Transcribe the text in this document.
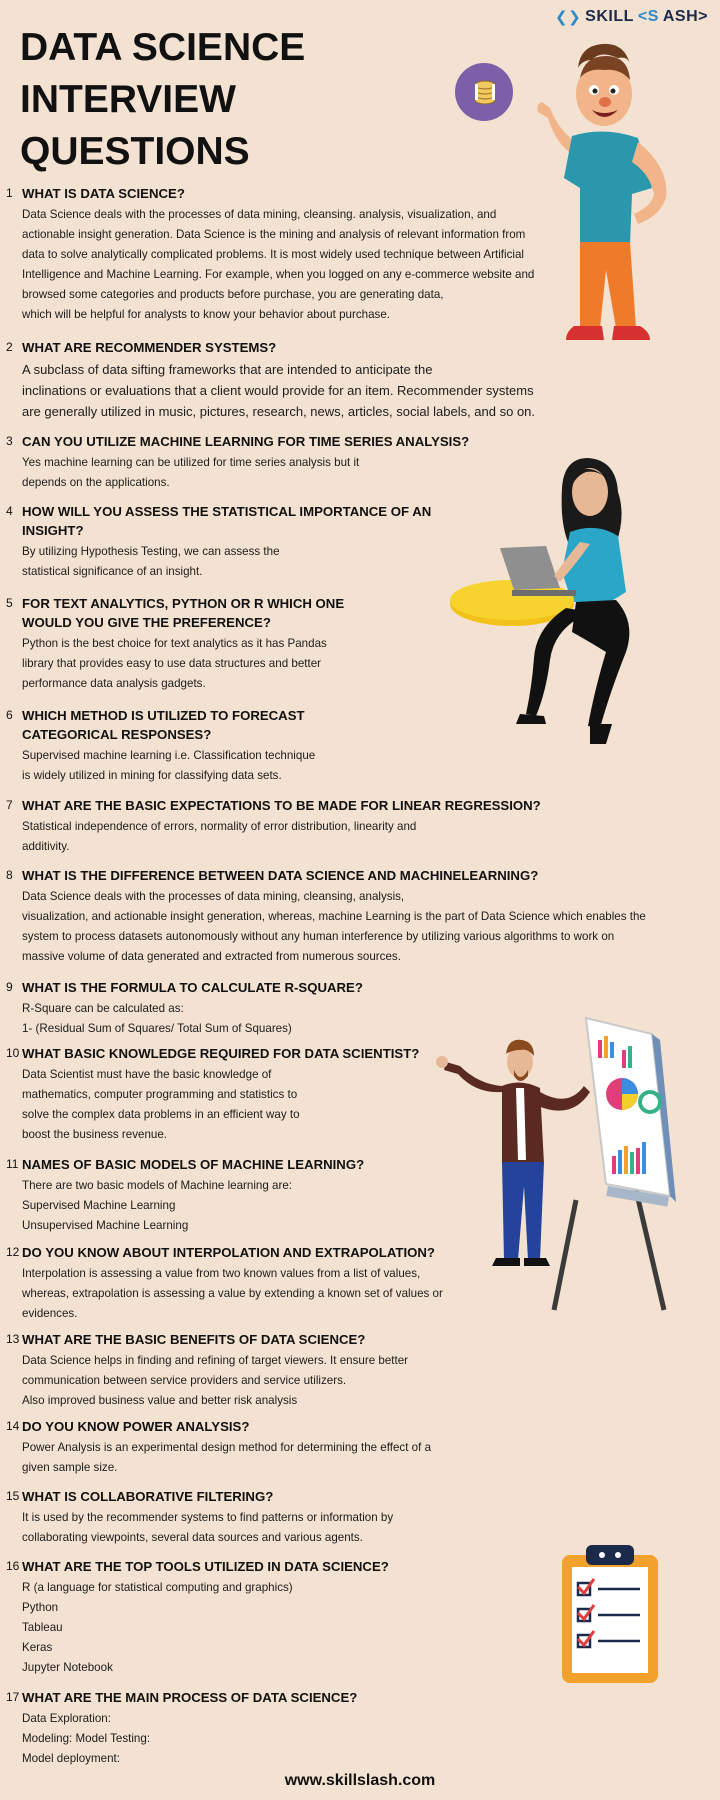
❮❯ SKILL <S ASH>
DATA SCIENCE
INTERVIEW
QUESTIONS
1 WHAT IS DATA SCIENCE?
Data Science deals with the processes of data mining, cleansing. analysis, visualization, and
actionable insight generation. Data Science is the mining and analysis of relevant information from
data to solve analytically complicated problems. It is most widely used technique between Artificial
Intelligence and Machine Learning. For example, when you logged on any e-commerce website and
browsed some categories and products before purchase, you are generating data,
which will be helpful for analysts to know your behavior about purchase.
2 WHAT ARE RECOMMENDER SYSTEMS?
A subclass of data sifting frameworks that are intended to anticipate the
inclinations or evaluations that a client would provide for an item. Recommender systems
are generally utilized in music, pictures, research, news, articles, social labels, and so on.
3 CAN YOU UTILIZE MACHINE LEARNING FOR TIME SERIES ANALYSIS?
Yes machine learning can be utilized for time series analysis but it
depends on the applications.
4 HOW WILL YOU ASSESS THE STATISTICAL IMPORTANCE OF AN
INSIGHT?
By utilizing Hypothesis Testing, we can assess the
statistical significance of an insight.
5 FOR TEXT ANALYTICS, PYTHON OR R WHICH ONE
WOULD YOU GIVE THE PREFERENCE?
Python is the best choice for text analytics as it has Pandas
library that provides easy to use data structures and better
performance data analysis gadgets.
6 WHICH METHOD IS UTILIZED TO FORECAST
CATEGORICAL RESPONSES?
Supervised machine learning i.e. Classification technique
is widely utilized in mining for classifying data sets.
7 WHAT ARE THE BASIC EXPECTATIONS TO BE MADE FOR LINEAR REGRESSION?
Statistical independence of errors, normality of error distribution, linearity and
additivity.
8 WHAT IS THE DIFFERENCE BETWEEN DATA SCIENCE AND MACHINELEARNING?
Data Science deals with the processes of data mining, cleansing, analysis,
visualization, and actionable insight generation, whereas, machine Learning is the part of Data Science which enables the
system to process datasets autonomously without any human interference by utilizing various algorithms to work on
massive volume of data generated and extracted from numerous sources.
9 WHAT IS THE FORMULA TO CALCULATE R-SQUARE?
R-Square can be calculated as:
1- (Residual Sum of Squares/ Total Sum of Squares)
10 WHAT BASIC KNOWLEDGE REQUIRED FOR DATA SCIENTIST?
Data Scientist must have the basic knowledge of
mathematics, computer programming and statistics to
solve the complex data problems in an efficient way to
boost the business revenue.
11 NAMES OF BASIC MODELS OF MACHINE LEARNING?
There are two basic models of Machine learning are:
Supervised Machine Learning
Unsupervised Machine Learning
12 DO YOU KNOW ABOUT INTERPOLATION AND EXTRAPOLATION?
Interpolation is assessing a value from two known values from a list of values,
whereas, extrapolation is assessing a value by extending a known set of values or
evidences.
13 WHAT ARE THE BASIC BENEFITS OF DATA SCIENCE?
Data Science helps in finding and refining of target viewers. It ensure better
communication between service providers and service utilizers.
Also improved business value and better risk analysis
14 DO YOU KNOW POWER ANALYSIS?
Power Analysis is an experimental design method for determining the effect of a
given sample size.
15 WHAT IS COLLABORATIVE FILTERING?
It is used by the recommender systems to find patterns or information by
collaborating viewpoints, several data sources and various agents.
16 WHAT ARE THE TOP TOOLS UTILIZED IN DATA SCIENCE?
R (a language for statistical computing and graphics)
Python
Tableau
Keras
Jupyter Notebook
17 WHAT ARE THE MAIN PROCESS OF DATA SCIENCE?
Data Exploration:
Modeling: Model Testing:
Model deployment:
www.skillslash.com
